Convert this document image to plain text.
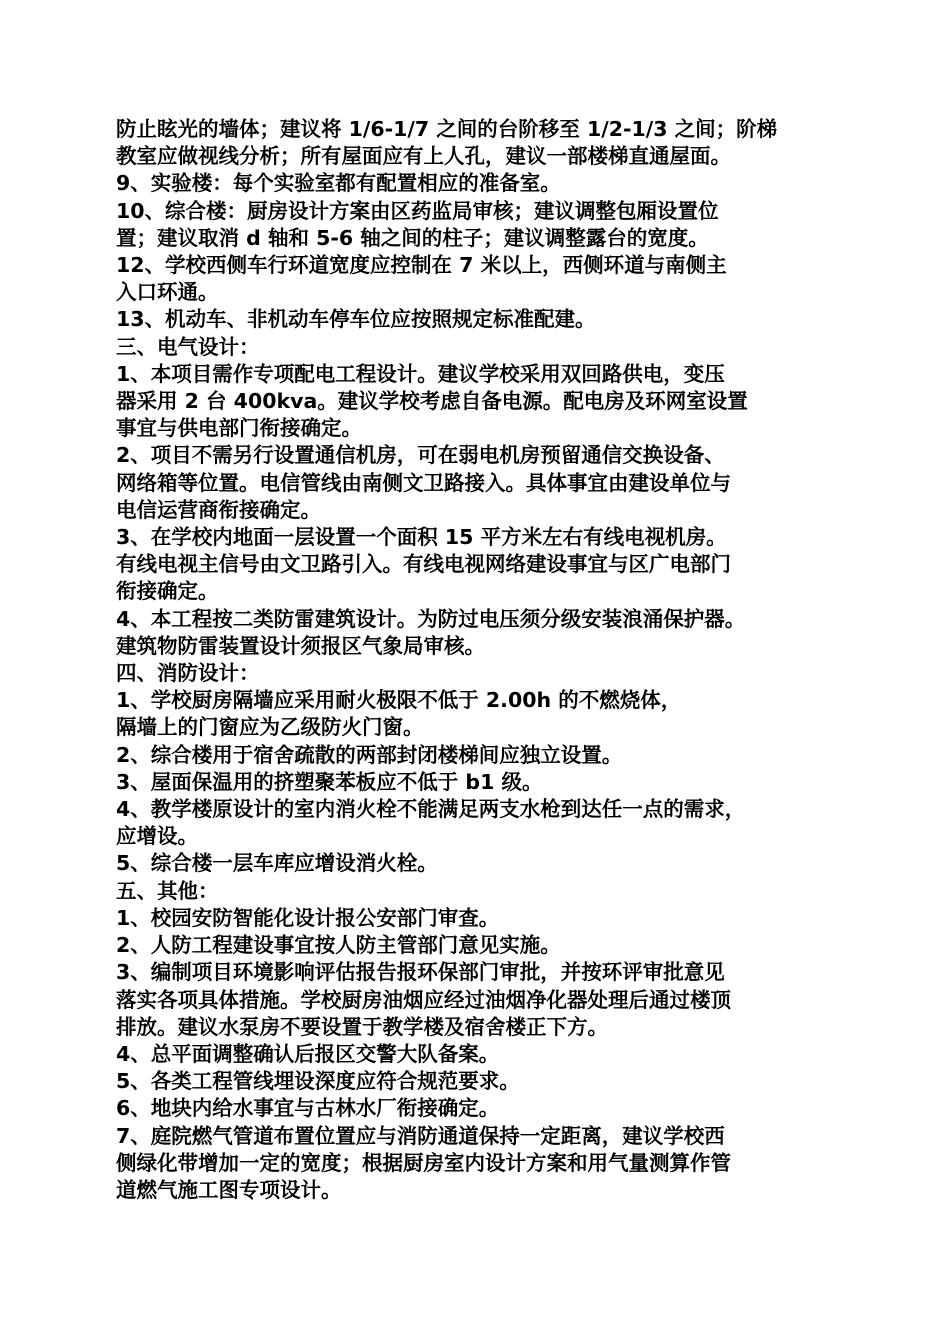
防止眩光的墙体；建议将 1/6-1/7 之间的台阶移至 1/2-1/3 之间；阶梯
教室应做视线分析；所有屋面应有上人孔，建议一部楼梯直通屋面。
9、实验楼：每个实验室都有配置相应的准备室。
10、综合楼：厨房设计方案由区药监局审核；建议调整包厢设置位
置；建议取消 d 轴和 5-6 轴之间的柱子；建议调整露台的宽度。
12、学校西侧车行环道宽度应控制在 7 米以上，西侧环道与南侧主
入口环通。
13、机动车、非机动车停车位应按照规定标准配建。
三、电气设计：
1、本项目需作专项配电工程设计。建议学校采用双回路供电，变压
器采用 2 台 400kva。建议学校考虑自备电源。配电房及环网室设置
事宜与供电部门衔接确定。
2、项目不需另行设置通信机房，可在弱电机房预留通信交换设备、
网络箱等位置。电信管线由南侧文卫路接入。具体事宜由建设单位与
电信运营商衔接确定。
3、在学校内地面一层设置一个面积 15 平方米左右有线电视机房。
有线电视主信号由文卫路引入。有线电视网络建设事宜与区广电部门
衔接确定。
4、本工程按二类防雷建筑设计。为防过电压须分级安装浪涌保护器。
建筑物防雷装置设计须报区气象局审核。
四、消防设计：
1、学校厨房隔墙应采用耐火极限不低于 2.00h 的不燃烧体，
隔墙上的门窗应为乙级防火门窗。
2、综合楼用于宿舍疏散的两部封闭楼梯间应独立设置。
3、屋面保温用的挤塑聚苯板应不低于 b1 级。
4、教学楼原设计的室内消火栓不能满足两支水枪到达任一点的需求，
应增设。
5、综合楼一层车库应增设消火栓。
五、其他：
1、校园安防智能化设计报公安部门审查。
2、人防工程建设事宜按人防主管部门意见实施。
3、编制项目环境影响评估报告报环保部门审批，并按环评审批意见
落实各项具体措施。学校厨房油烟应经过油烟净化器处理后通过楼顶
排放。建议水泵房不要设置于教学楼及宿舍楼正下方。
4、总平面调整确认后报区交警大队备案。
5、各类工程管线埋设深度应符合规范要求。
6、地块内给水事宜与古林水厂衔接确定。
7、庭院燃气管道布置位置应与消防通道保持一定距离，建议学校西
侧绿化带增加一定的宽度；根据厨房室内设计方案和用气量测算作管
道燃气施工图专项设计。
